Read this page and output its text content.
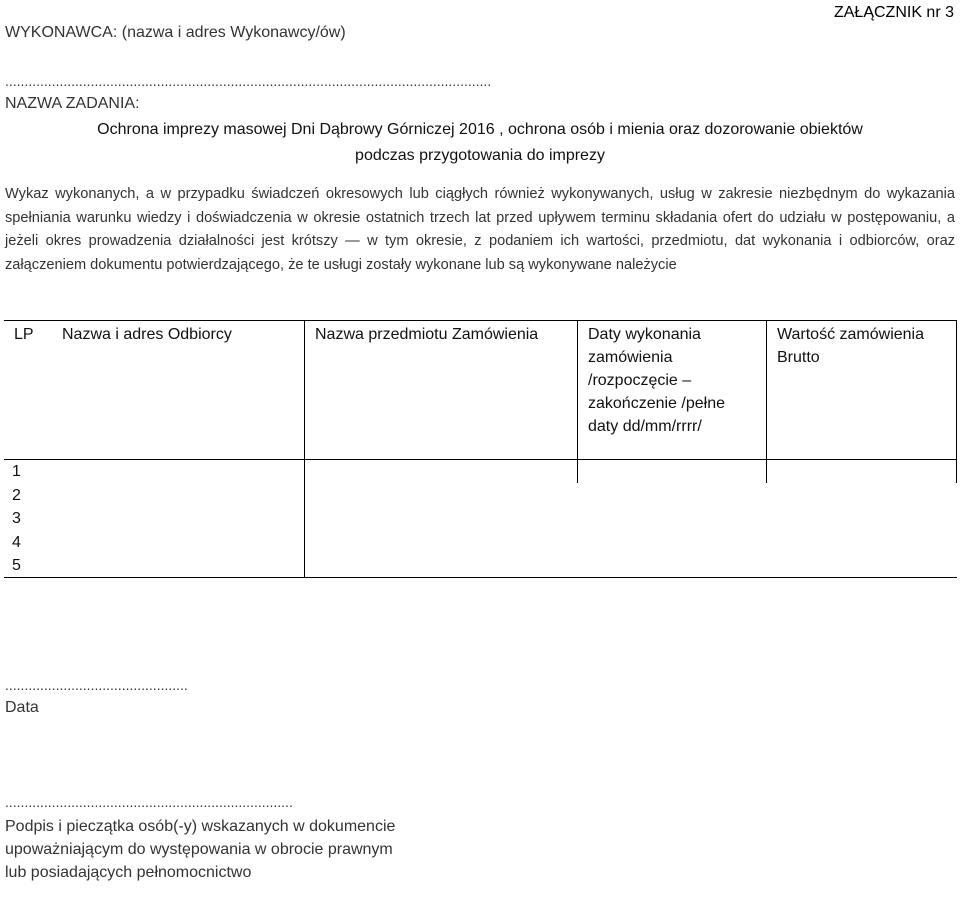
WYKONAWCA: (nazwa i adres Wykonawcy/ów)
ZAŁĄCZNIK nr 3
.............................................................................................................................
NAZWA ZADANIA:
Ochrona imprezy masowej Dni Dąbrowy Górniczej 2016 , ochrona osób i mienia oraz dozorowanie obiektów
podczas przygotowania do imprezy
Wykaz wykonanych, a w przypadku świadczeń okresowych lub ciągłych również wykonywanych, usług w zakresie niezbędnym do wykazania spełniania warunku wiedzy i doświadczenia w okresie ostatnich trzech lat przed upływem terminu składania ofert do udziału w postępowaniu, a jeżeli okres prowadzenia działalności jest krótszy — w tym okresie, z podaniem ich wartości, przedmiotu, dat wykonania i odbiorców, oraz załączeniem dokumentu potwierdzającego, że te usługi zostały wykonane lub są wykonywane należycie
LP	Nazwa i adres Odbiorcy	Nazwa przedmiotu Zamówienia	Daty wykonania zamówienia /rozpoczęcie – zakończenie /pełne daty dd/mm/rrrr/	Wartość zamówienia Brutto
1				
2				
3				
4				
5				
...............................................
Data
..........................................................................
Podpis i pieczątka osób(-y) wskazanych w dokumencie upoważniającym do występowania w obrocie prawnym lub posiadających pełnomocnictwo
